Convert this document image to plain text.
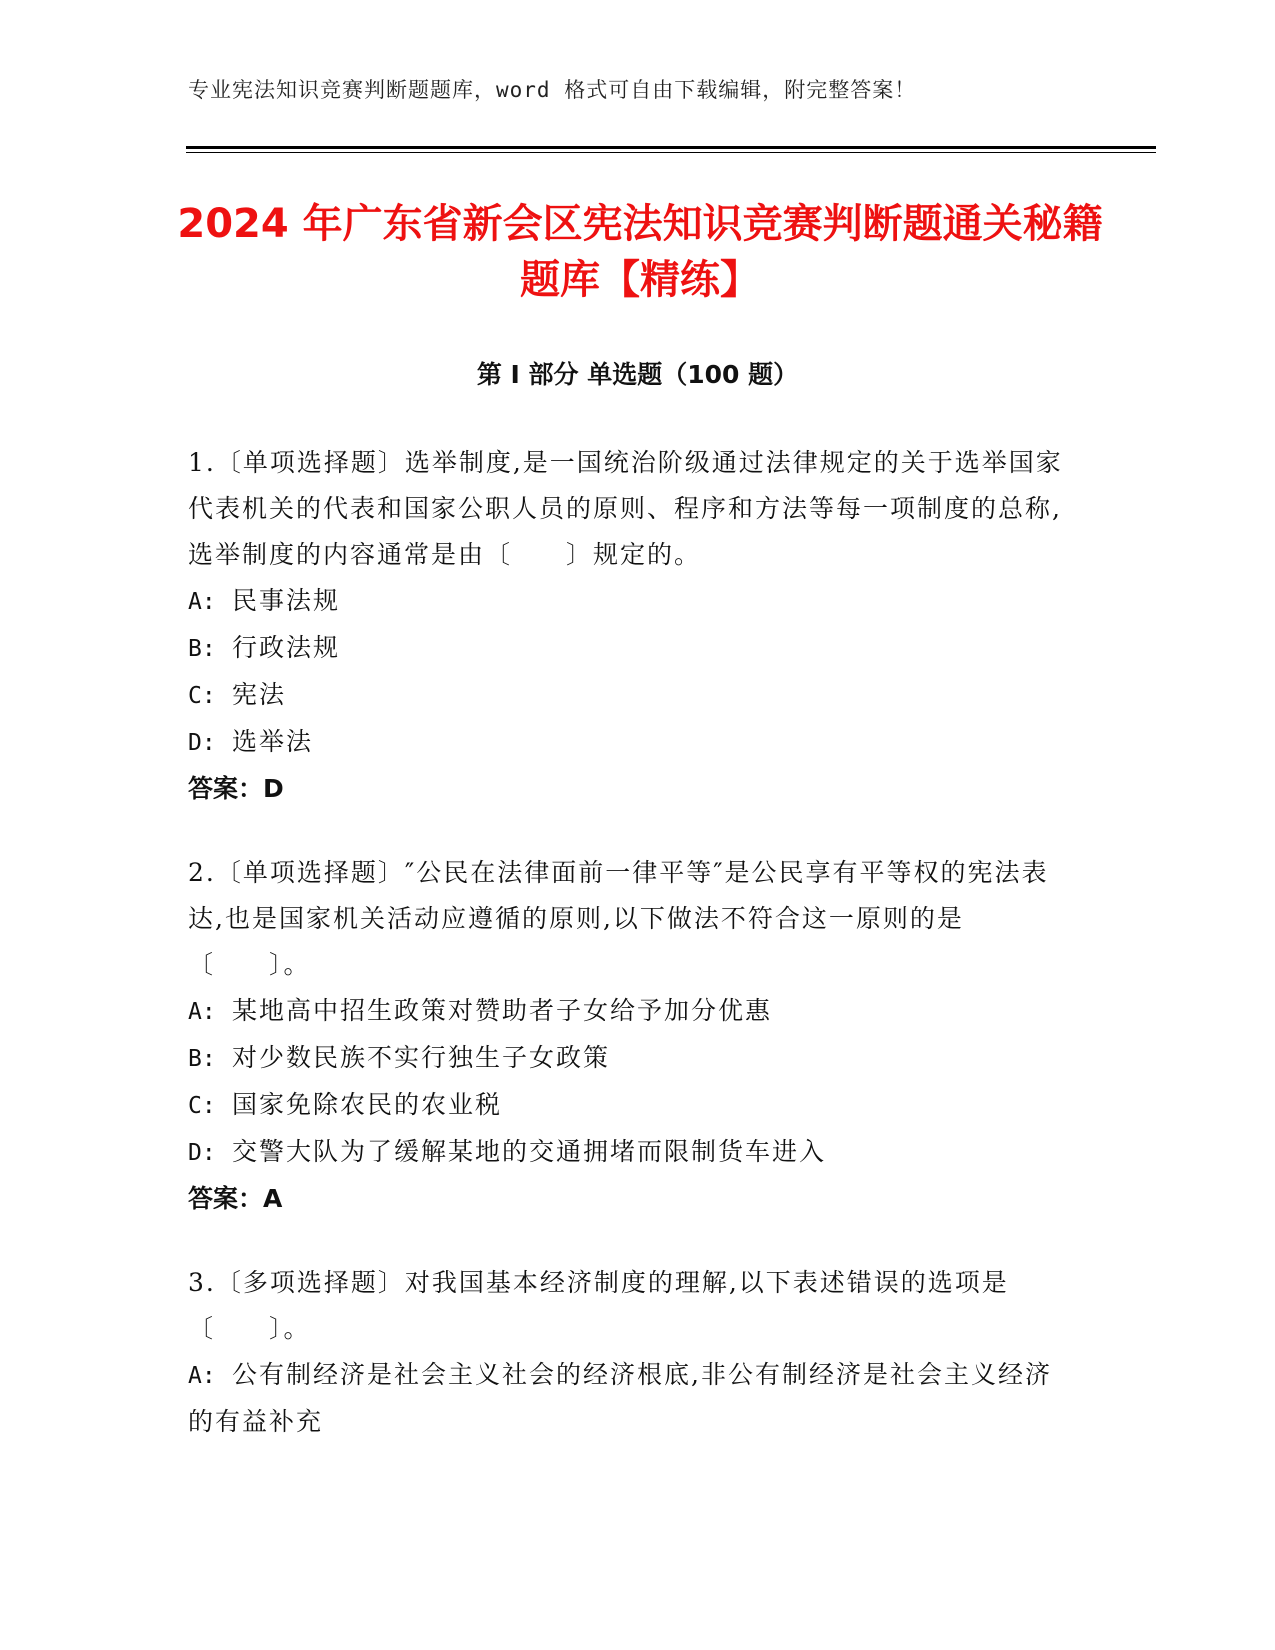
专业宪法知识竞赛判断题题库，word 格式可自由下载编辑，附完整答案！
2024 年广东省新会区宪法知识竞赛判断题通关秘籍题库【精练】
第 I 部分 单选题（100 题）
1.〔单项选择题〕选举制度,是一国统治阶级通过法律规定的关于选举国家代表机关的代表和国家公职人员的原则、程序和方法等每一项制度的总称,选举制度的内容通常是由〔　　〕规定的。
A: 民事法规
B: 行政法规
C: 宪法
D: 选举法
答案：D
2.〔单项选择题〕″公民在法律面前一律平等″是公民享有平等权的宪法表达,也是国家机关活动应遵循的原则,以下做法不符合这一原则的是〔　　〕。
A: 某地高中招生政策对赞助者子女给予加分优惠
B: 对少数民族不实行独生子女政策
C: 国家免除农民的农业税
D: 交警大队为了缓解某地的交通拥堵而限制货车进入
答案：A
3.〔多项选择题〕对我国基本经济制度的理解,以下表述错误的选项是〔　　〕。
A: 公有制经济是社会主义社会的经济根底,非公有制经济是社会主义经济的有益补充
